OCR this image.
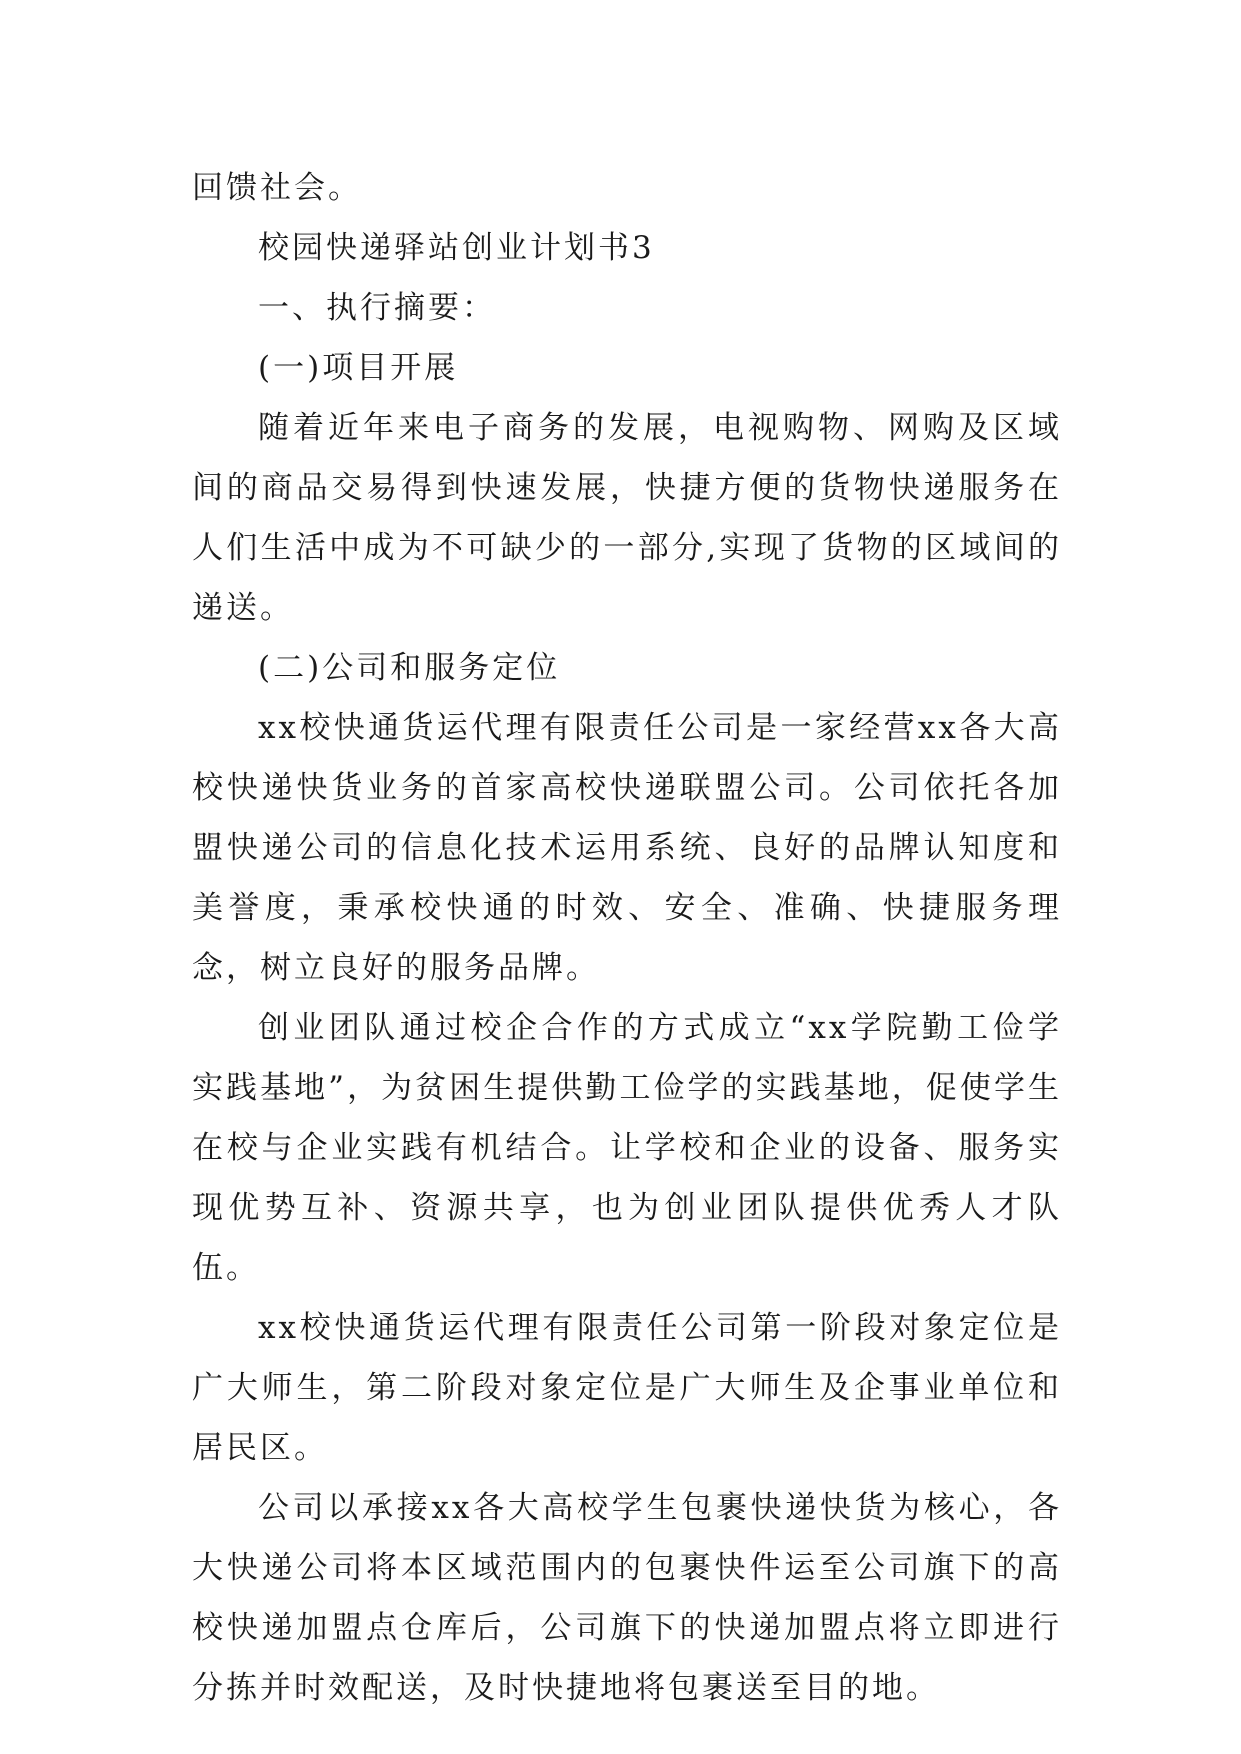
回馈社会。

校园快递驿站创业计划书3

一、执行摘要：

(一)项目开展

随着近年来电子商务的发展，电视购物、网购及区域间的商品交易得到快速发展，快捷方便的货物快递服务在人们生活中成为不可缺少的一部分,实现了货物的区域间的递送。

(二)公司和服务定位

xx校快通货运代理有限责任公司是一家经营xx各大高校快递快货业务的首家高校快递联盟公司。公司依托各加盟快递公司的信息化技术运用系统、良好的品牌认知度和美誉度，秉承校快通的时效、安全、准确、快捷服务理念，树立良好的服务品牌。

创业团队通过校企合作的方式成立“xx学院勤工俭学实践基地”，为贫困生提供勤工俭学的实践基地，促使学生在校与企业实践有机结合。让学校和企业的设备、服务实现优势互补、资源共享，也为创业团队提供优秀人才队伍。

xx校快通货运代理有限责任公司第一阶段对象定位是广大师生，第二阶段对象定位是广大师生及企事业单位和居民区。

公司以承接xx各大高校学生包裹快递快货为核心，各大快递公司将本区域范围内的包裹快件运至公司旗下的高校快递加盟点仓库后，公司旗下的快递加盟点将立即进行分拣并时效配送，及时快捷地将包裹送至目的地。
